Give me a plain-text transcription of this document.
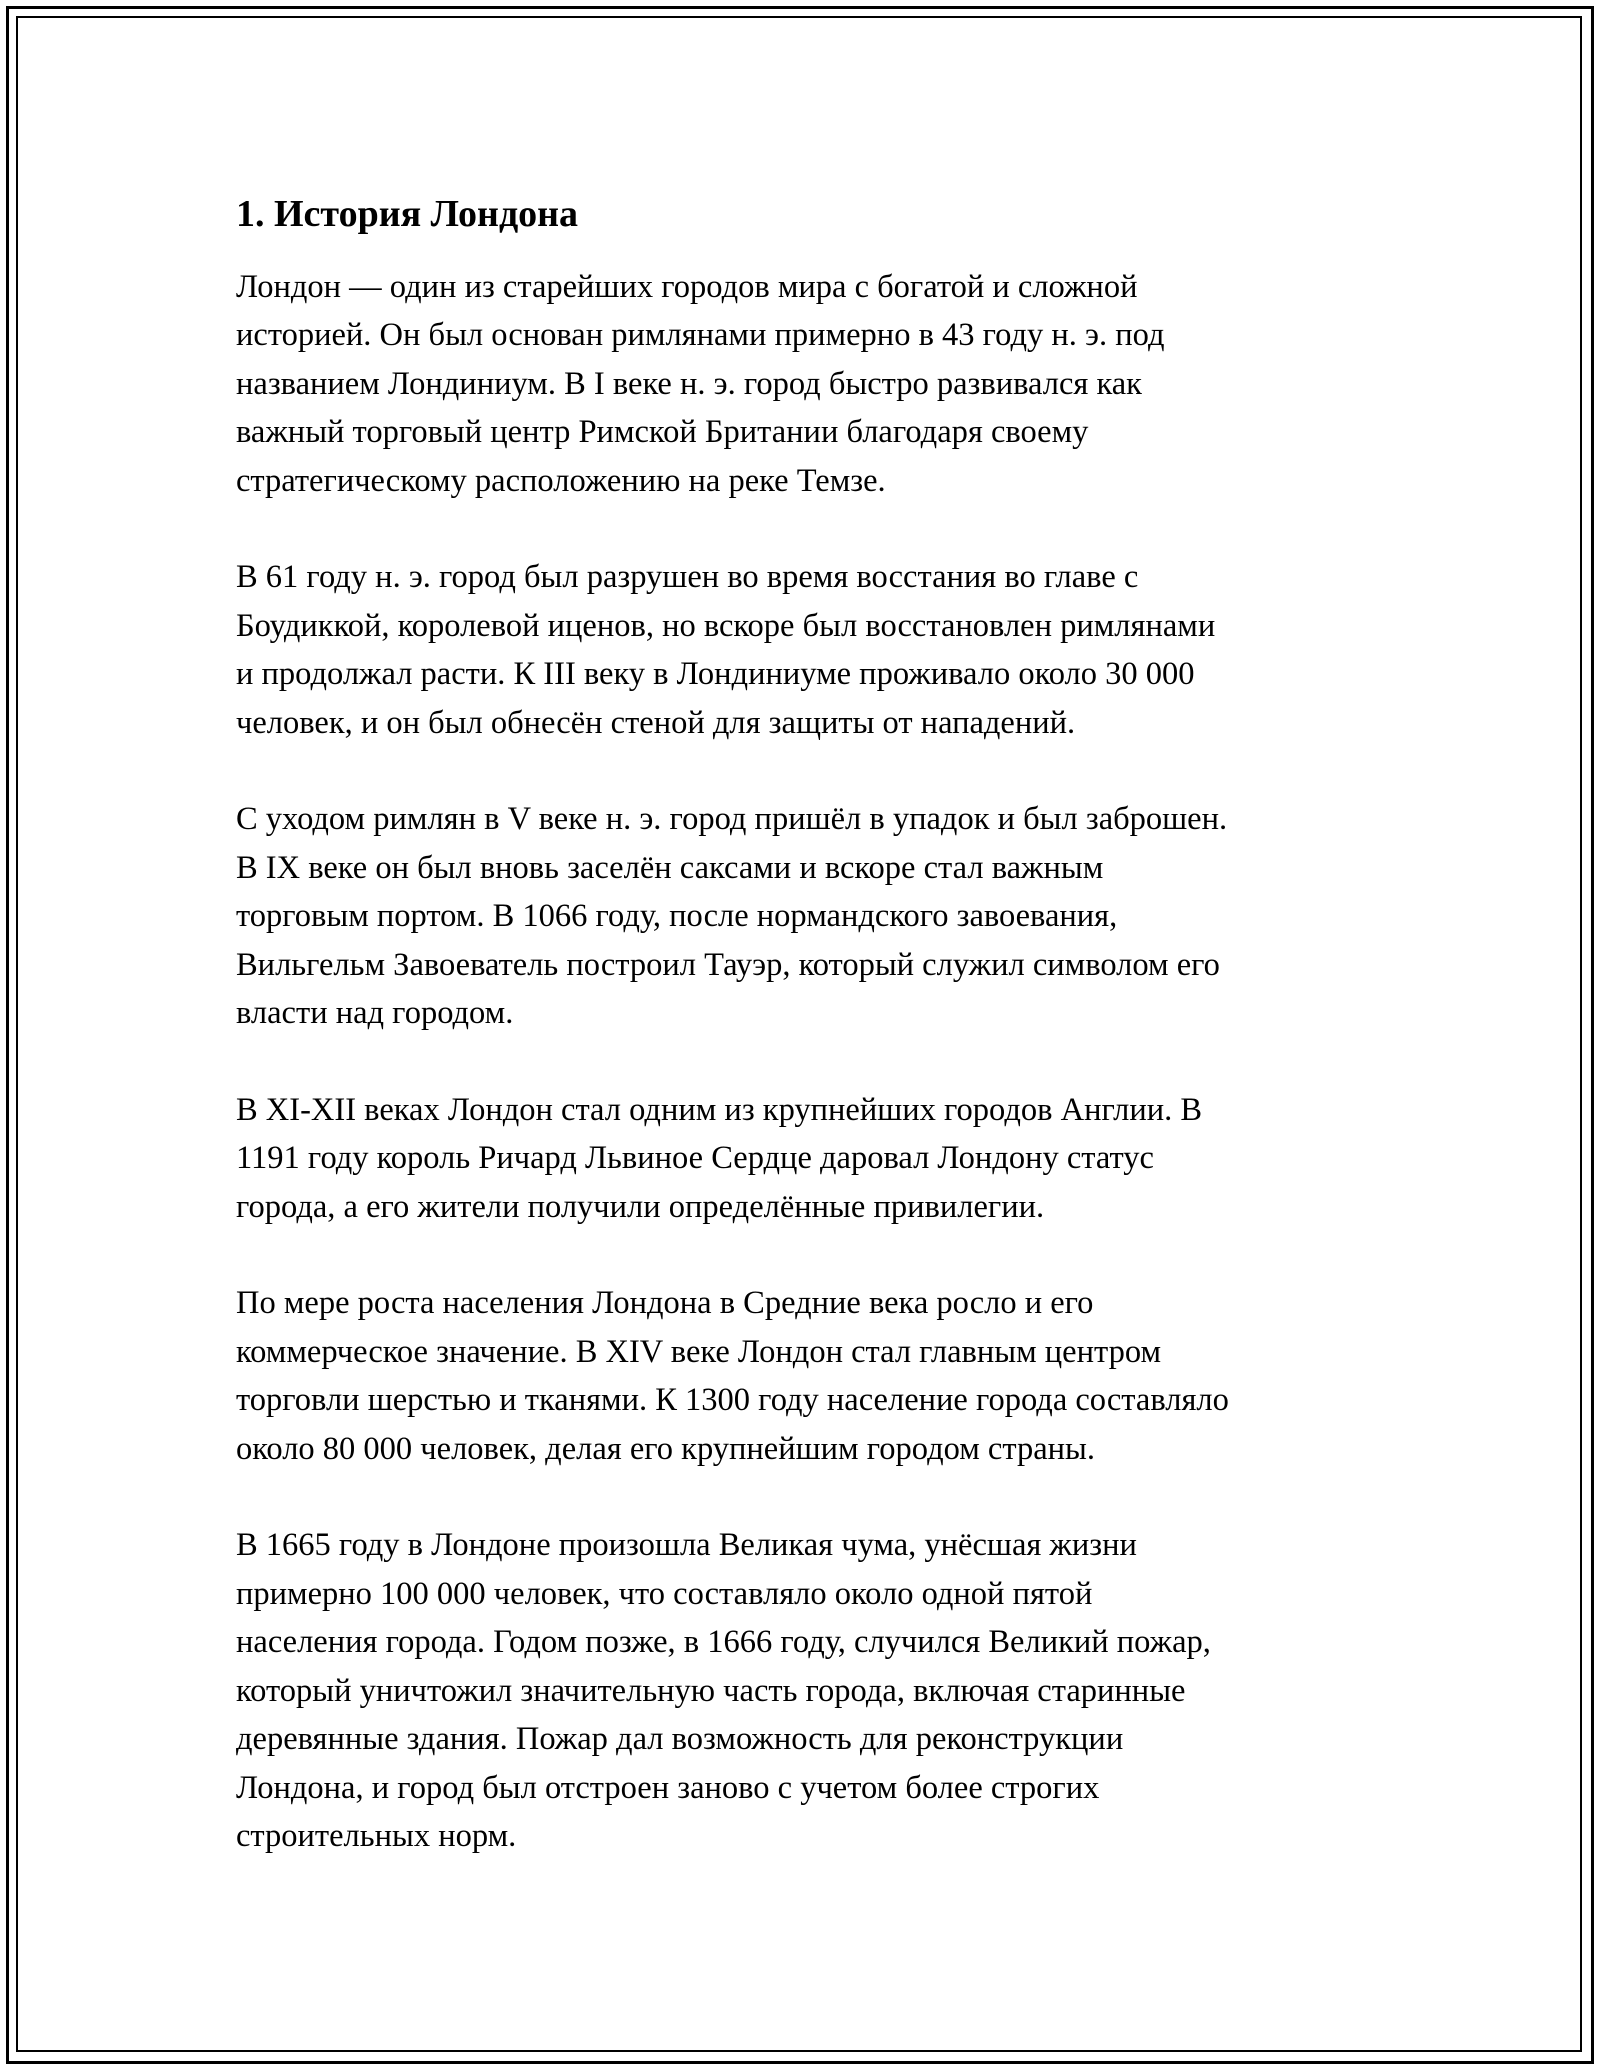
1. История Лондона

Лондон — один из старейших городов мира с богатой и сложной
историей. Он был основан римлянами примерно в 43 году н. э. под
названием Лондиниум. В I веке н. э. город быстро развивался как
важный торговый центр Римской Британии благодаря своему
стратегическому расположению на реке Темзе.

В 61 году н. э. город был разрушен во время восстания во главе с
Боудиккой, королевой иценов, но вскоре был восстановлен римлянами
и продолжал расти. К III веку в Лондиниуме проживало около 30 000
человек, и он был обнесён стеной для защиты от нападений.

С уходом римлян в V веке н. э. город пришёл в упадок и был заброшен.
В IX веке он был вновь заселён саксами и вскоре стал важным
торговым портом. В 1066 году, после нормандского завоевания,
Вильгельм Завоеватель построил Тауэр, который служил символом его
власти над городом.

В XI-XII веках Лондон стал одним из крупнейших городов Англии. В
1191 году король Ричард Львиное Сердце даровал Лондону статус
города, а его жители получили определённые привилегии.

По мере роста населения Лондона в Средние века росло и его
коммерческое значение. В XIV веке Лондон стал главным центром
торговли шерстью и тканями. К 1300 году население города составляло
около 80 000 человек, делая его крупнейшим городом страны.

В 1665 году в Лондоне произошла Великая чума, унёсшая жизни
примерно 100 000 человек, что составляло около одной пятой
населения города. Годом позже, в 1666 году, случился Великий пожар,
который уничтожил значительную часть города, включая старинные
деревянные здания. Пожар дал возможность для реконструкции
Лондона, и город был отстроен заново с учетом более строгих
строительных норм.
